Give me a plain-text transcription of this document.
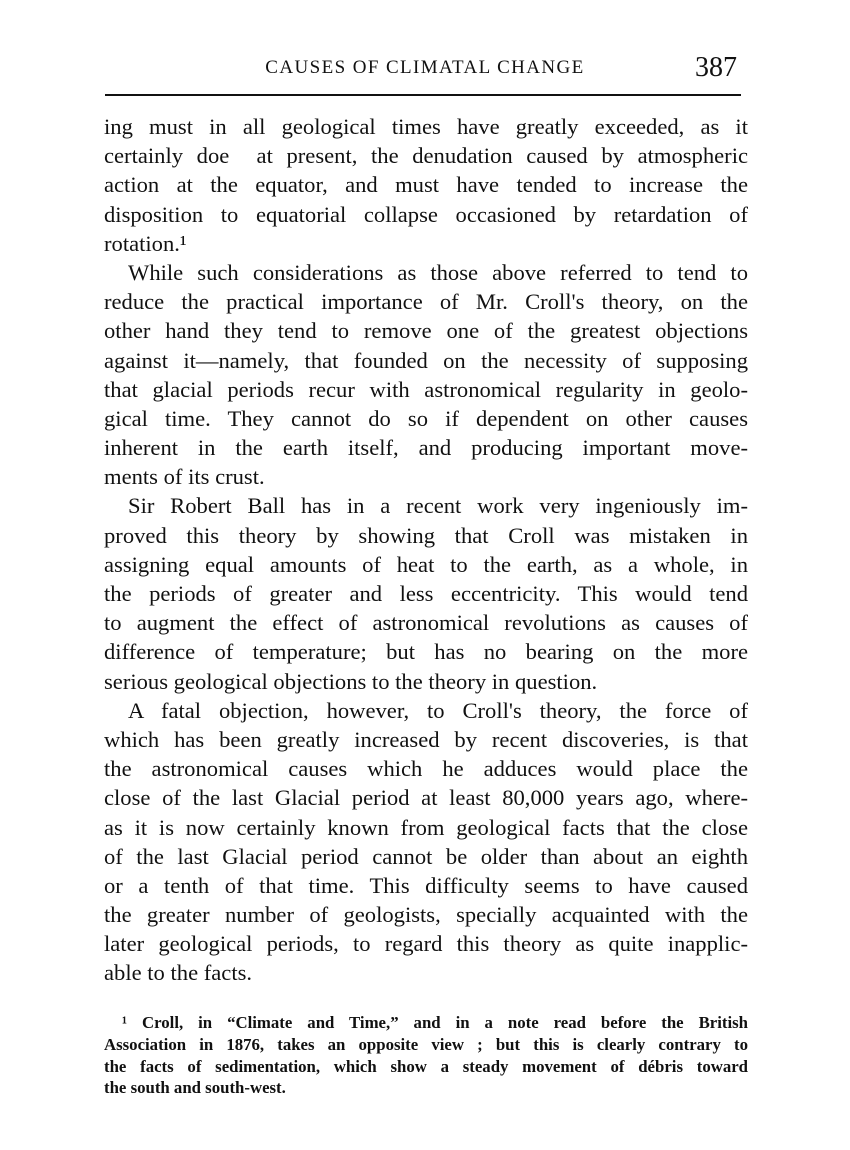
CAUSES OF CLIMATAL CHANGE	387
ing must in all geological times have greatly exceeded, as it
certainly doe  at present, the denudation caused by atmospheric
action at the equator, and must have tended to increase the
disposition to equatorial collapse occasioned by retardation of
rotation.¹
While such considerations as those above referred to tend to
reduce the practical importance of Mr. Croll's theory, on the
other hand they tend to remove one of the greatest objections
against it—namely, that founded on the necessity of supposing
that glacial periods recur with astronomical regularity in geolo-
gical time. They cannot do so if dependent on other causes
inherent in the earth itself, and producing important move-
ments of its crust.
Sir Robert Ball has in a recent work very ingeniously im-
proved this theory by showing that Croll was mistaken in
assigning equal amounts of heat to the earth, as a whole, in
the periods of greater and less eccentricity. This would tend
to augment the effect of astronomical revolutions as causes of
difference of temperature; but has no bearing on the more
serious geological objections to the theory in question.
A fatal objection, however, to Croll's theory, the force of
which has been greatly increased by recent discoveries, is that
the astronomical causes which he adduces would place the
close of the last Glacial period at least 80,000 years ago, where-
as it is now certainly known from geological facts that the close
of the last Glacial period cannot be older than about an eighth
or a tenth of that time. This difficulty seems to have caused
the greater number of geologists, specially acquainted with the
later geological periods, to regard this theory as quite inapplic-
able to the facts.
¹ Croll, in “Climate and Time,” and in a note read before the British
Association in 1876, takes an opposite view ; but this is clearly contrary to
the facts of sedimentation, which show a steady movement of débris toward
the south and south-west.
